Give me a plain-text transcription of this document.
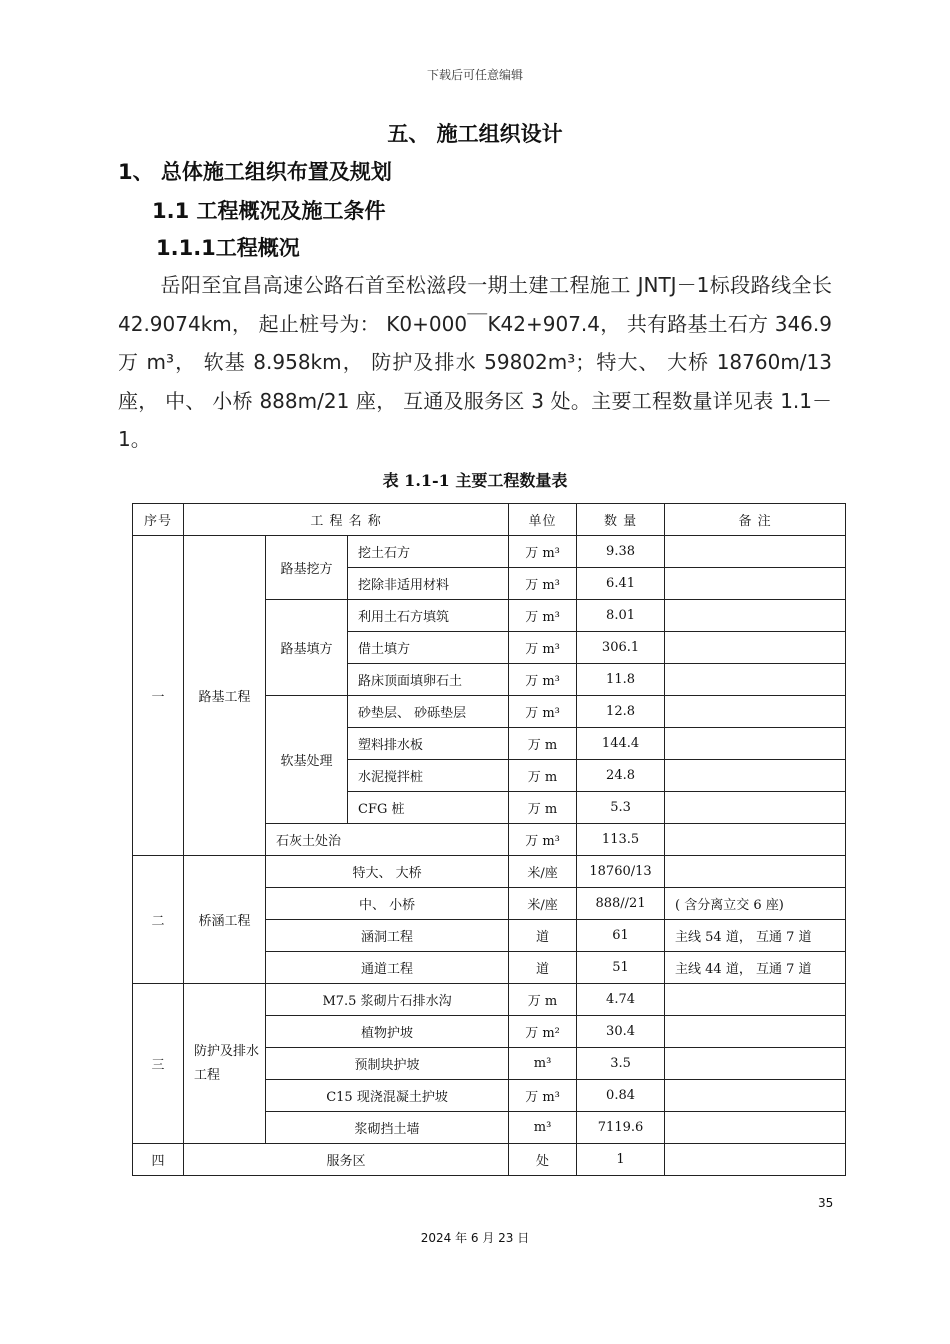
下载后可任意编辑
五、 施工组织设计
1、 总体施工组织布置及规划
1.1 工程概况及施工条件
1.1.1工程概况
岳阳至宜昌高速公路石首至松滋段一期土建工程施工 JNTJ－1标段路线全长 42.9074km， 起止桩号为： K0+000￣K42+907.4， 共有路基土石方 346.9 万 m³， 软基 8.958km， 防护及排水 59802m³；特大、 大桥 18760m/13 座， 中、 小桥 888m/21 座， 互通及服务区 3 处。主要工程数量详见表 1.1－1。
表 1.1-1 主要工程数量表
序号	工 程 名 称			单位	数 量	备 注
一	路基工程	路基挖方	挖土石方	万 m³	9.38	
			挖除非适用材料	万 m³	6.41	
		路基填方	利用土石方填筑	万 m³	8.01	
			借土填方	万 m³	306.1	
			路床顶面填卵石土	万 m³	11.8	
		软基处理	砂垫层、 砂砾垫层	万 m³	12.8	
			塑料排水板	万 m	144.4	
			水泥搅拌桩	万 m	24.8	
			CFG 桩	万 m	5.3	
		石灰土处治		万 m³	113.5	
二	桥涵工程	特大、 大桥		米/座	18760/13	
		中、 小桥		米/座	888//21	( 含分离立交 6 座)
		涵洞工程		道	61	主线 54 道， 互通 7 道
		通道工程		道	51	主线 44 道， 互通 7 道
三	防护及排水工程	M7.5 浆砌片石排水沟		万 m	4.74	
		植物护坡		万 m²	30.4	
		预制块护坡		m³	3.5	
		C15 现浇混凝土护坡		万 m³	0.84	
		浆砌挡土墙		m³	7119.6	
四	服务区			处	1	
35
2024 年 6 月 23 日
